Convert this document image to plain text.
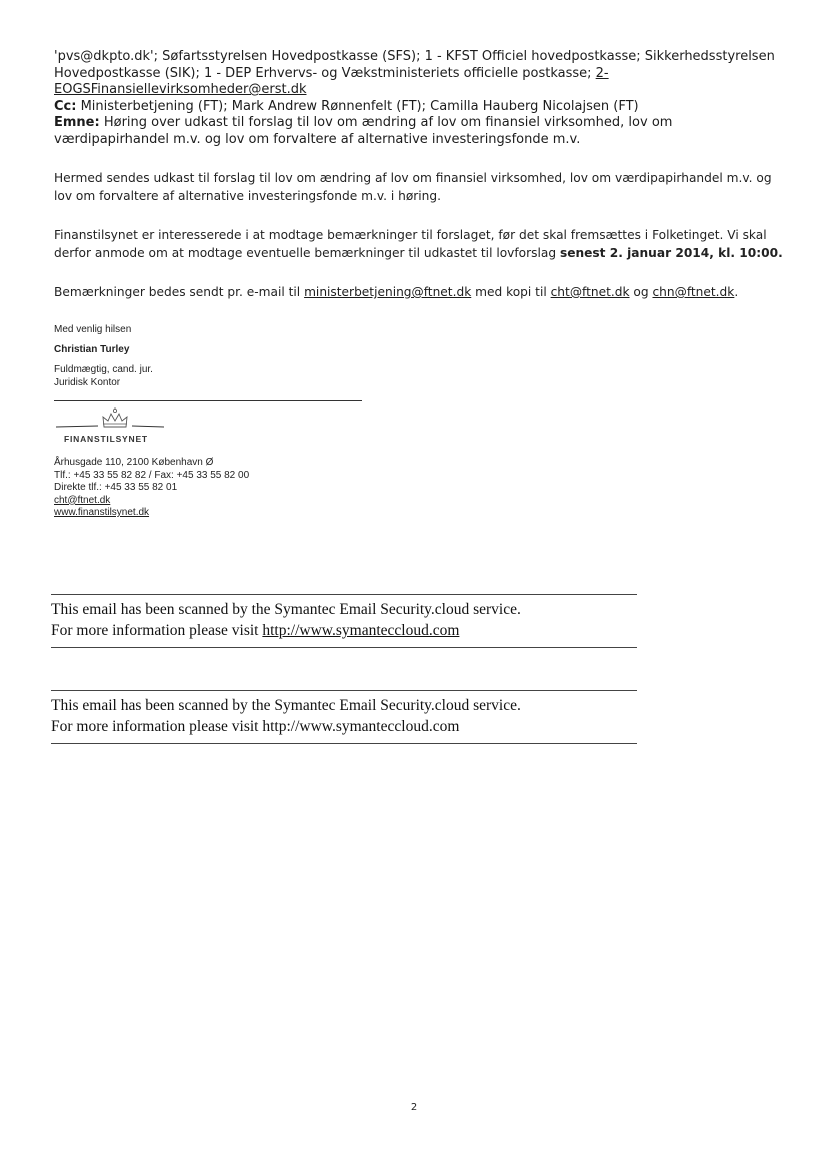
'pvs@dkpto.dk'; Søfartsstyrelsen Hovedpostkasse (SFS); 1 - KFST Officiel hovedpostkasse; Sikkerhedsstyrelsen Hovedpostkasse (SIK); 1 - DEP Erhvervs- og Vækstministeriets officielle postkasse; 2-EOGSFinansiellevirksomheder@erst.dk
Cc: Ministerbetjening (FT); Mark Andrew Rønnenfelt (FT); Camilla Hauberg Nicolajsen (FT)
Emne: Høring over udkast til forslag til lov om ændring af lov om finansiel virksomhed, lov om værdipapirhandel m.v. og lov om forvaltere af alternative investeringsfonde m.v.
Hermed sendes udkast til forslag til lov om ændring af lov om finansiel virksomhed, lov om værdipapirhandel m.v. og lov om forvaltere af alternative investeringsfonde m.v. i høring.
Finanstilsynet er interesserede i at modtage bemærkninger til forslaget, før det skal fremsættes i Folketinget. Vi skal derfor anmode om at modtage eventuelle bemærkninger til udkastet til lovforslag senest 2. januar 2014, kl. 10:00.
Bemærkninger bedes sendt pr. e-mail til ministerbetjening@ftnet.dk med kopi til cht@ftnet.dk og chn@ftnet.dk.
Med venlig hilsen
Christian Turley
Fuldmægtig, cand. jur.
Juridisk Kontor
FINANSTILSYNET
Århusgade 110, 2100 København Ø
Tlf.: +45 33 55 82 82 / Fax: +45 33 55 82 00
Direkte tlf.: +45 33 55 82 01
cht@ftnet.dk
www.finanstilsynet.dk
This email has been scanned by the Symantec Email Security.cloud service.
For more information please visit http://www.symanteccloud.com
This email has been scanned by the Symantec Email Security.cloud service.
For more information please visit http://www.symanteccloud.com
2
